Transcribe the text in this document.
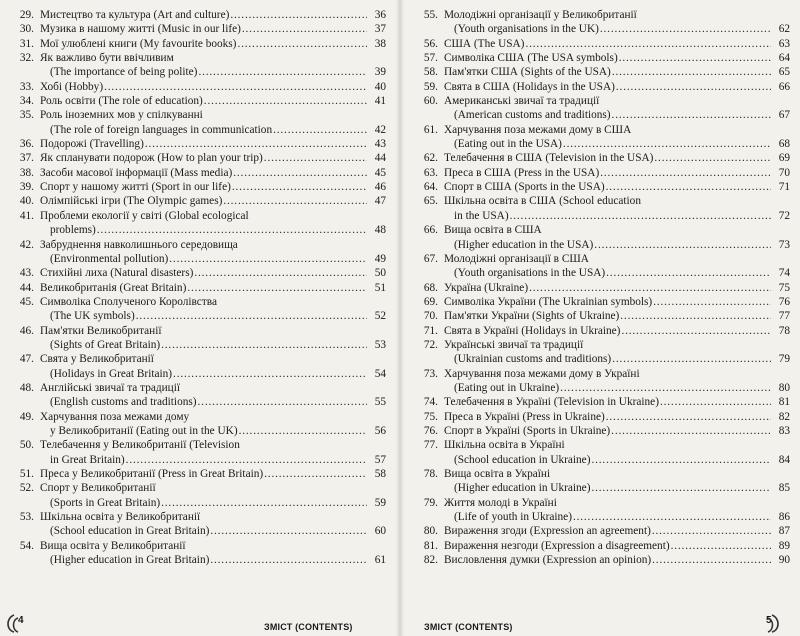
29. Мистецтво та культура (Art and culture) . . .	36
30. Музика в нашому житті (Music in our life) . . .	37
31. Мої улюблені книги (My favourite books) . . .	38
32. Як важливо бути ввічливим
(The importance of being polite) . . .	39
33. Хобі (Hobby) . . .	40
34. Роль освіти (The role of education) . . .	41
35. Роль іноземних мов у спілкуванні
(The role of foreign languages in communication . . .	42
36. Подорожі (Travelling) . . .	43
37. Як спланувати подорож (How to plan your trip) . . .	44
38. Засоби масової інформації (Mass media) . . .	45
39. Спорт у нашому житті (Sport in our life) . . .	46
40. Олімпійські ігри (The Olympic games) . . .	47
41. Проблеми екології у світі (Global ecological
problems) . . .	48
42. Забруднення навколишнього середовища
(Environmental pollution) . . .	49
43. Стихійні лиха (Natural disasters) . . .	50
44. Великобританія (Great Britain) . . .	51
45. Символіка Сполученого Королівства
(The UK symbols) . . .	52
46. Пам'ятки Великобританії
(Sights of Great Britain) . . .	53
47. Свята у Великобританії
(Holidays in Great Britain) . . .	54
48. Англійські звичаї та традиції
(English customs and traditions) . . .	55
49. Харчування поза межами дому
у Великобританії (Eating out in the UK) . . .	56
50. Телебачення у Великобританії (Television
in Great Britain) . . .	57
51. Преса у Великобританії (Press in Great Britain) . . .	58
52. Спорт у Великобританії
(Sports in Great Britain) . . .	59
53. Шкільна освіта у Великобританії
(School education in Great Britain) . . .	60
54. Вища освіта у Великобританії
(Higher education in Great Britain) . . .	61
55. Молодіжні організації у Великобританії
(Youth organisations in the UK) . . .	62
56. США (The USA) . . .	63
57. Символіка США (The USA symbols) . . .	64
58. Пам'ятки США (Sights of the USA) . . .	65
59. Свята в США (Holidays in the USA) . . .	66
60. Американські звичаї та традиції
(American customs and traditions) . . .	67
61. Харчування поза межами дому в США
(Eating out in the USA) . . .	68
62. Телебачення в США (Television in the USA) . . .	69
63. Преса в США (Press in the USA) . . .	70
64. Спорт в США (Sports in the USA) . . .	71
65. Шкільна освіта в США (School education
in the USA) . . .	72
66. Вища освіта в США
(Higher education in the USA) . . .	73
67. Молодіжні організації в США
(Youth organisations in the USA) . . .	74
68. Україна (Ukraine) . . .	75
69. Символіка України (The Ukrainian symbols) . . .	76
70. Пам'ятки України (Sights of Ukraine) . . .	77
71. Свята в Україні (Holidays in Ukraine) . . .	78
72. Українські звичаї та традиції
(Ukrainian customs and traditions) . . .	79
73. Харчування поза межами дому в Україні
(Eating out in Ukraine) . . .	80
74. Телебачення в Україні (Television in Ukraine) . . .	81
75. Преса в Україні (Press in Ukraine) . . .	82
76. Спорт в Україні (Sports in Ukraine) . . .	83
77. Шкільна освіта в Україні
(School education in Ukraine) . . .	84
78. Вища освіта в Україні
(Higher education in Ukraine) . . .	85
79. Життя молоді в Україні
(Life of youth in Ukraine) . . .	86
80. Вираження згоди (Expression an agreement) . . .	87
81. Вираження незгоди (Expression a disagreement) . . .	89
82. Висловлення думки (Expression an opinion) . . .	90
4
ЗМІСТ (CONTENTS)	ЗМІСТ (CONTENTS)
5
